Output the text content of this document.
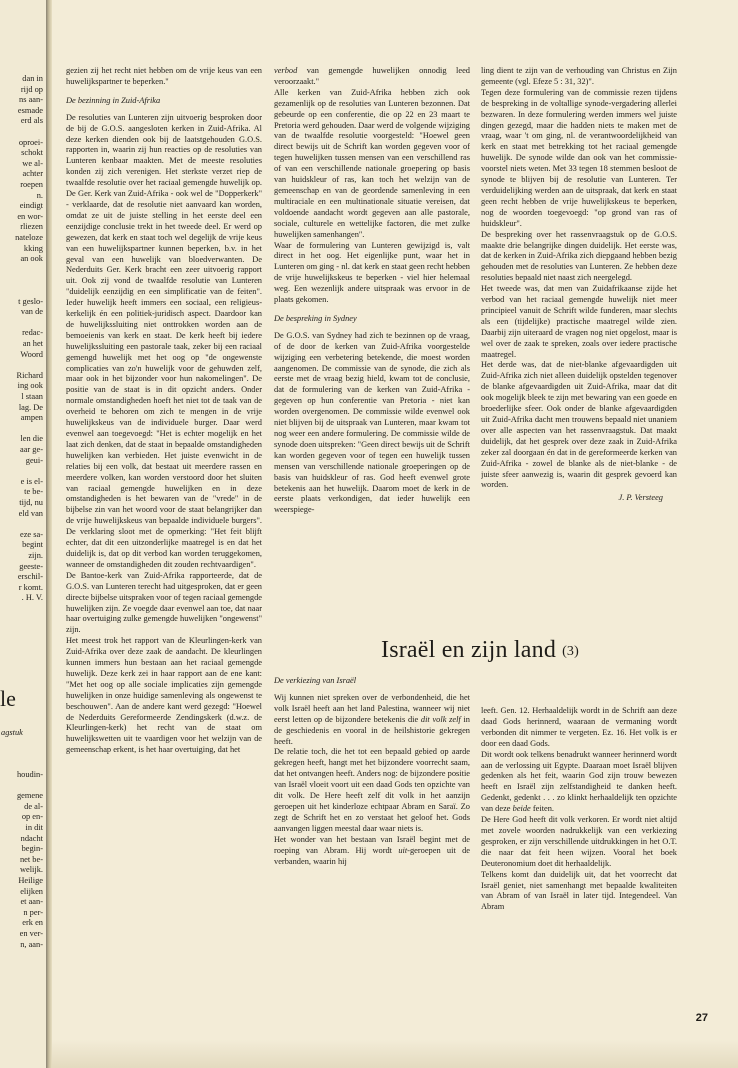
dan in
rijd op
ns aan-
esmade
erd als
oproei-
schokt
we al-
achter
roepen
n.
eindigt
en wor-
rliezen
nateloze
kking
an ook
t geslo-
van de
redac-
an het
Woord
Richard
ing ook
l staan
lag. De
ampen
len die
aar ge-
geui-
e is el-
te be-
tijd, nu
eld van
eze sa-
begint
zijn.
geeste-
erschil-
r komt.
. H. V.
le
agstuk
houdin-
gemene
de al-
op en-
in dit
ndacht
begin-
net be-
welijk.
Heilige
elijken
et aan-
n per-
erk en
en ver-
n, aan-

gezien zij het recht niet hebben om de vrije keus van een huwelijkspartner te beperken."

De bezinning in Zuid-Afrika

De resoluties van Lunteren zijn uitvoerig besproken door de bij de G.O.S. aangesloten kerken in Zuid-Afrika. Al deze kerken dienden ook bij de laatstgehouden G.O.S. rapporten in, waarin zij hun reacties op de resoluties van Lunteren kenbaar maakten. Met de meeste resoluties konden zij zich verenigen. Het sterkste verzet riep de twaalfde resolutie over het raciaal gemengde huwelijk op. De Ger. Kerk van Zuid-Afrika - ook wel de "Dopperkerk" - verklaarde, dat de resolutie niet aanvaard kan worden, omdat ze uit de juiste stelling in het eerste deel een eenzijdige conclusie trekt in het tweede deel. Er werd op gewezen, dat kerk en staat toch wel degelijk de vrije keus van een huwelijkspartner kunnen beperken, b.v. in het geval van een huwelijk van bloedverwanten. De Nederduits Ger. Kerk bracht een zeer uitvoerig rapport uit. Ook zij vond de twaalfde resolutie van Lunteren "duidelijk eenzijdig en een simplificatie van de feiten". Ieder huwelijk heeft immers een sociaal, een religieus-kerkelijk én een politiek-juridisch aspect. Daardoor kan de huwelijkssluiting niet onttrokken worden aan de bemoeienis van kerk en staat. De kerk heeft bij iedere huwelijkssluiting een pastorale taak, zeker bij een raciaal gemengd huwelijk met het oog op "de ongewenste complicaties van zo'n huwelijk voor de gehuwden zelf, maar ook in het bijzonder voor hun nakomelingen". De positie van de staat is in dit opzicht anders. Onder normale omstandigheden hoeft het niet tot de taak van de overheid te behoren om zich te mengen in de vrije huwelijkskeus van de individuele burger. Daar werd evenwel aan toegevoegd: "Het is echter mogelijk en het laat zich denken, dat de staat in bepaalde omstandigheden huwelijken kan verbieden. Het juiste evenwicht in de relaties bij een volk, dat bestaat uit meerdere rassen en meerdere volken, kan worden verstoord door het sluiten van raciaal gemengde huwelijken en in deze omstandigheden is het bewaren van de "vrede" in de bijbelse zin van het woord voor de staat belangrijker dan de vrije huwelijkskeus van bepaalde individuele burgers". De verklaring sloot met de opmerking: "Het feit blijft echter, dat dit een uitzonderlijke maatregel is en dat het duidelijk is, dat op dit verbod kan worden teruggekomen, wanneer de omstandigheden dit zouden rechtvaardigen".

De Bantoe-kerk van Zuid-Afrika rapporteerde, dat de G.O.S. van Lunteren terecht had uitgesproken, dat er geen directe bijbelse uitspraken voor of tegen raciaal gemengde huwelijken zijn. Ze voegde daar evenwel aan toe, dat naar haar overtuiging zulke gemengde huwelijken "ongewenst" zijn.

Het meest trok het rapport van de Kleurlingen-kerk van Zuid-Afrika over deze zaak de aandacht. De kleurlingen kunnen immers hun bestaan aan het raciaal gemengde huwelijk. Deze kerk zei in haar rapport aan de ene kant: "Met het oog op alle sociale implicaties zijn gemengde huwelijken in onze huidige samenleving als ongewenst te beschouwen". Aan de andere kant werd gezegd: "Hoewel de Nederduits Gereformeerde Zendingskerk (d.w.z. de Kleurlingen-kerk) het recht van de staat om huwelijkswetten uit te vaardigen voor het welzijn van de gemeenschap erkent, is het haar overtuiging, dat het

verbod van gemengde huwelijken onnodig leed veroorzaakt."

Alle kerken van Zuid-Afrika hebben zich ook gezamenlijk op de resoluties van Lunteren bezonnen. Dat gebeurde op een conferentie, die op 22 en 23 maart te Pretoria werd gehouden. Daar werd de volgende wijziging van de twaalfde resolutie voorgesteld: "Hoewel geen direct bewijs uit de Schrift kan worden gegeven voor of tegen huwelijken tussen mensen van een verschillend ras of van een verschillende nationale groepering op basis van huidskleur of ras, kan toch het welzijn van de gemeenschap en van de geordende samenleving in een multiraciale en een multinationale situatie vereisen, dat voldoende aandacht wordt gegeven aan alle pastorale, sociale, culturele en wettelijke factoren, die met zulke huwelijken samenhangen".

Waar de formulering van Lunteren gewijzigd is, valt direct in het oog. Het eigenlijke punt, waar het in Lunteren om ging - nl. dat kerk en staat geen recht hebben de vrije huwelijkskeus te beperken - viel hier helemaal weg. Een wezenlijk andere uitspraak was ervoor in de plaats gekomen.

De bespreking in Sydney

De G.O.S. van Sydney had zich te bezinnen op de vraag, of de door de kerken van Zuid-Afrika voorgestelde wijziging een verbetering betekende, die moest worden aangenomen. De commissie van de synode, die zich als eerste met de vraag bezig hield, kwam tot de conclusie, dat de formulering van de kerken van Zuid-Afrika - gegeven op hun conferentie van Pretoria - niet kan worden overgenomen. De commissie wilde evenwel ook niet blijven bij de uitspraak van Lunteren, maar kwam tot nog weer een andere formulering. De commissie wilde de synode doen uitspreken: "Geen direct bewijs uit de Schrift kan worden gegeven voor of tegen een huwelijk tussen mensen van verschillende nationale groeperingen op de basis van huidskleur of ras. God heeft evenwel grote betekenis aan het huwelijk. Daarom moet de kerk in de eerste plaats verkondigen, dat ieder huwelijk een weerspiege-

ling dient te zijn van de verhouding van Christus en Zijn gemeente (vgl. Efeze 5 : 31, 32)".

Tegen deze formulering van de commissie rezen tijdens de bespreking in de voltallige synode-vergadering allerlei bezwaren. In deze formulering werden immers wel juiste dingen gezegd, maar die hadden niets te maken met de vraag, waar 't om ging, nl. de verantwoordelijkheid van kerk en staat met betrekking tot het raciaal gemengde huwelijk. De synode wilde dan ook van het commissie-voorstel niets weten. Met 33 tegen 18 stemmen besloot de synode te blijven bij de resolutie van Lunteren. Ter verduidelijking werden aan de uitspraak, dat kerk en staat geen recht hebben de vrije huwelijkskeus te beperken, nog de woorden toegevoegd: "op grond van ras of huidskleur".

De bespreking over het rassenvraagstuk op de G.O.S. maakte drie belangrijke dingen duidelijk. Het eerste was, dat de kerken in Zuid-Afrika zich diepgaand hebben bezig gehouden met de resoluties van Lunteren. Ze hebben deze resoluties bepaald niet naast zich neergelegd.

Het tweede was, dat men van Zuidafrikaanse zijde het verbod van het raciaal gemengde huwelijk niet meer principieel vanuit de Schrift wilde funderen, maar slechts als een (tijdelijke) practische maatregel wilde zien. Daarbij zijn uiteraard de vragen nog niet opgelost, maar is wel over de zaak te spreken, zoals over iedere practische maatregel.

Het derde was, dat de niet-blanke afgevaardigden uit Zuid-Afrika zich niet alleen duidelijk opstelden tegenover de blanke afgevaardigden uit Zuid-Afrika, maar dat dit ook mogelijk bleek te zijn met bewaring van een goede en broederlijke sfeer. Ook onder de blanke afgevaardigden uit Zuid-Afrika dacht men trouwens bepaald niet unaniem over alle aspecten van het rassenvraagstuk. Dat maakt duidelijk, dat het gesprek over deze zaak in Zuid-Afrika zeker zal doorgaan én dat in de gereformeerde kerken van Zuid-Afrika - zowel de blanke als de niet-blanke - de juiste sfeer aanwezig is, waarin dit gesprek gevoerd kan worden.

J. P. Versteeg
Israël en zijn land (3)
De verkiezing van Israël

Wij kunnen niet spreken over de verbondenheid, die het volk Israël heeft aan het land Palestina, wanneer wij niet eerst letten op de bijzondere betekenis die dit volk zelf in de geschiedenis en vooral in de heilshistorie gekregen heeft.

De relatie toch, die het tot een bepaald gebied op aarde gekregen heeft, hangt met het bijzondere voorrecht saam, dat het ontvangen heeft. Anders nog: de bijzondere positie van Israël vloeit voort uit een daad Gods ten opzichte van dit volk. De Here heeft zelf dit volk in het aanzijn geroepen uit het kinderloze echtpaar Abram en Saraï. Zo zegt de Schrift het en zo verstaat het geloof het. Gods aanvangen liggen meestal daar waar niets is.

Het wonder van het bestaan van Israël begint met de roeping van Abram. Hij wordt uit-geroepen uit de verbanden, waarin hij

leeft. Gen. 12. Herhaaldelijk wordt in de Schrift aan deze daad Gods herinnerd, waaraan de vermaning wordt verbonden dit nimmer te vergeten. Ez. 16. Het volk is er door een daad Gods.

Dit wordt ook telkens benadrukt wanneer herinnerd wordt aan de verlossing uit Egypte. Daaraan moet Israël blijven gedenken als het feit, waarin God zijn trouw bewezen heeft en Israël zijn zelfstandigheid te danken heeft. Gedenkt, gedenkt . . . zo klinkt herhaaldelijk ten opzichte van deze beide feiten.

De Here God heeft dit volk verkoren. Er wordt niet altijd met zovele woorden nadrukkelijk van een verkiezing gesproken, er zijn verschillende uitdrukkingen in het O.T. die naar dat feit heen wijzen. Vooral het boek Deuteronomium doet dit herhaaldelijk.

Telkens komt dan duidelijk uit, dat het voorrecht dat Israël geniet, niet samenhangt met bepaalde kwaliteiten van Abram of van Israël in later tijd. Integendeel. Van Abram

27
